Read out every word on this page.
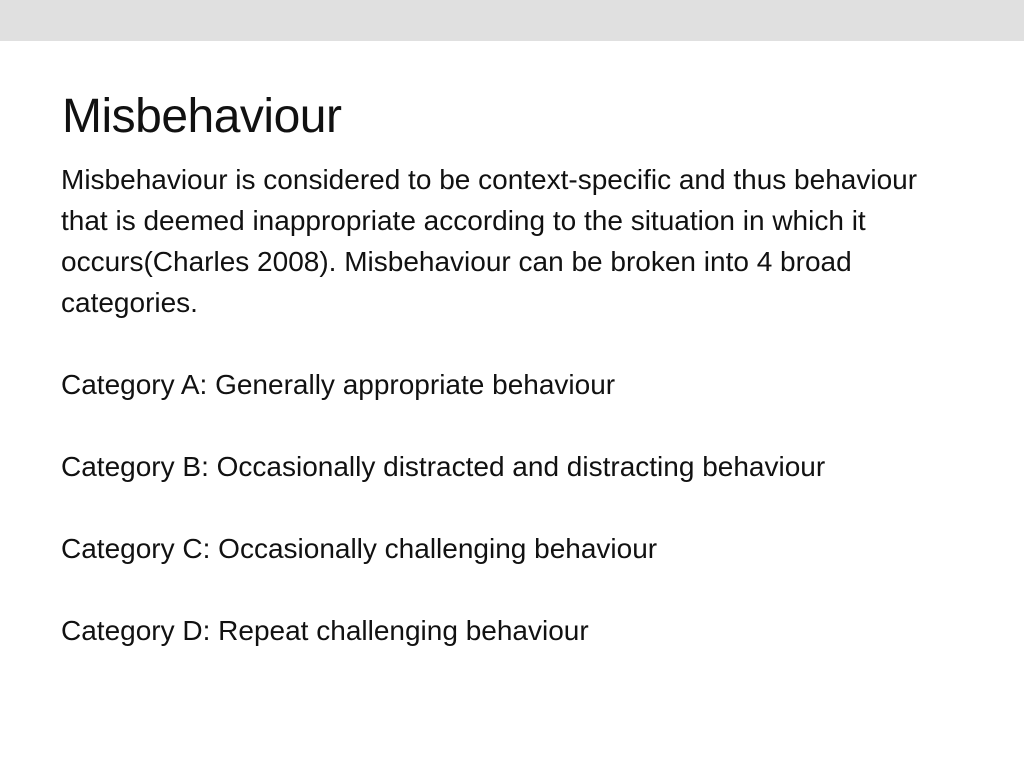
Misbehaviour

Misbehaviour is considered to be context-specific and thus behaviour that is deemed inappropriate according to the situation in which it occurs(Charles 2008). Misbehaviour can be broken into 4 broad categories.

Category A: Generally appropriate behaviour

Category B: Occasionally distracted and distracting behaviour

Category C: Occasionally challenging behaviour

Category D: Repeat challenging behaviour
